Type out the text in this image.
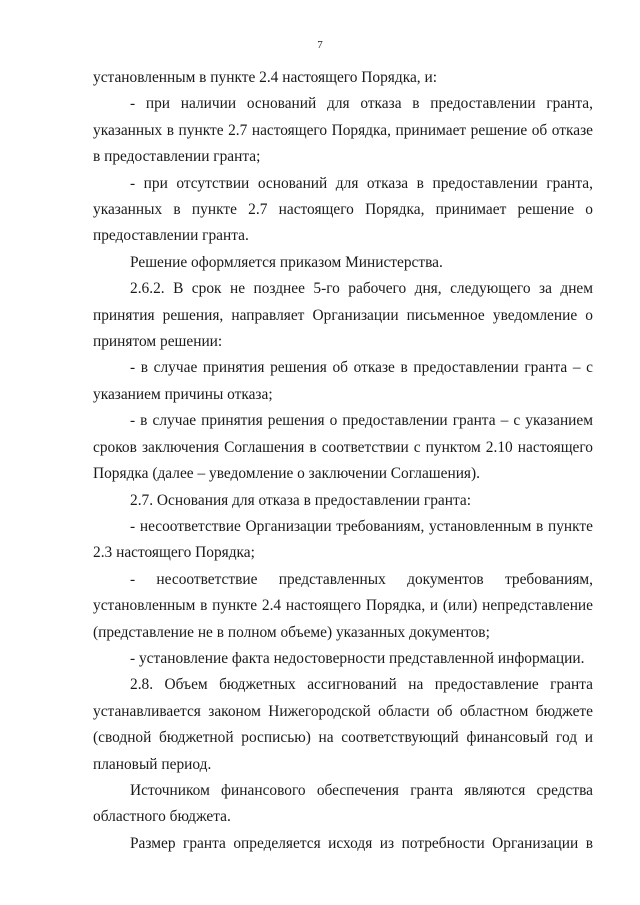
7

установленным в пункте 2.4 настоящего Порядка, и:

- при наличии оснований для отказа в предоставлении гранта, указанных в пункте 2.7 настоящего Порядка, принимает решение об отказе в предоставлении гранта;

- при отсутствии оснований для отказа в предоставлении гранта, указанных в пункте 2.7 настоящего Порядка, принимает решение о предоставлении гранта.

Решение оформляется приказом Министерства.

2.6.2. В срок не позднее 5-го рабочего дня, следующего за днем принятия решения, направляет Организации письменное уведомление о принятом решении:

- в случае принятия решения об отказе в предоставлении гранта – с указанием причины отказа;

- в случае принятия решения о предоставлении гранта – с указанием сроков заключения Соглашения в соответствии с пунктом 2.10 настоящего Порядка (далее – уведомление о заключении Соглашения).

2.7. Основания для отказа в предоставлении гранта:

- несоответствие Организации требованиям, установленным в пункте 2.3 настоящего Порядка;

- несоответствие представленных документов требованиям, установленным в пункте 2.4 настоящего Порядка, и (или) непредставление (представление не в полном объеме) указанных документов;

- установление факта недостоверности представленной информации.

2.8. Объем бюджетных ассигнований на предоставление гранта устанавливается законом Нижегородской области об областном бюджете (сводной бюджетной росписью) на соответствующий финансовый год и плановый период.

Источником финансового обеспечения гранта являются средства областного бюджета.

Размер гранта определяется исходя из потребности Организации в
